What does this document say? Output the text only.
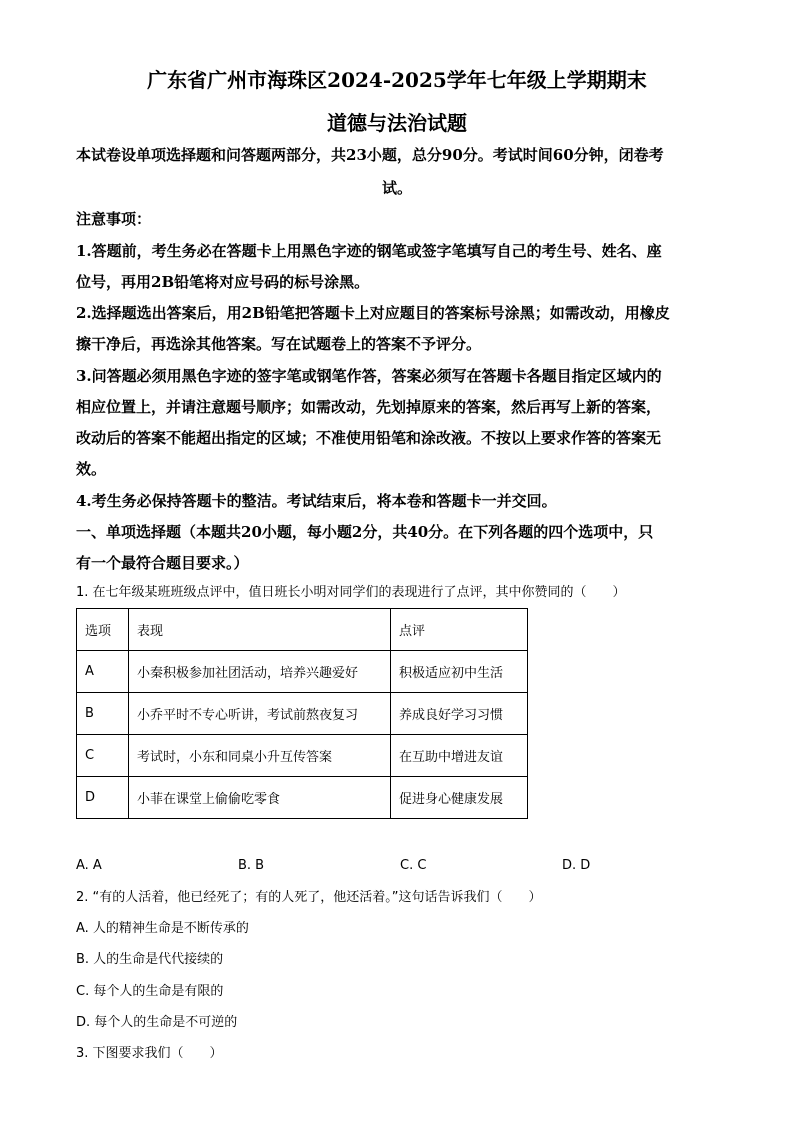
广东省广州市海珠区2024-2025学年七年级上学期期末
道德与法治试题
本试卷设单项选择题和问答题两部分，共23小题，总分90分。考试时间60分钟，闭卷考
试。
注意事项：
1.答题前，考生务必在答题卡上用黑色字迹的钢笔或签字笔填写自己的考生号、姓名、座
位号，再用2B铅笔将对应号码的标号涂黑。
2.选择题选出答案后，用2B铅笔把答题卡上对应题目的答案标号涂黑；如需改动，用橡皮
擦干净后，再选涂其他答案。写在试题卷上的答案不予评分。
3.问答题必须用黑色字迹的签字笔或钢笔作答，答案必须写在答题卡各题目指定区域内的
相应位置上，并请注意题号顺序；如需改动，先划掉原来的答案，然后再写上新的答案，
改动后的答案不能超出指定的区域；不准使用铅笔和涂改液。不按以上要求作答的答案无
效。
4.考生务必保持答题卡的整洁。考试结束后，将本卷和答题卡一并交回。
一、单项选择题（本题共20小题，每小题2分，共40分。在下列各题的四个选项中，只
有一个最符合题目要求。）
1. 在七年级某班班级点评中，值日班长小明对同学们的表现进行了点评，其中你赞同的（　　）
选项	表现	点评
A	小秦积极参加社团活动，培养兴趣爱好	积极适应初中生活
B	小乔平时不专心听讲，考试前熬夜复习	养成良好学习习惯
C	考试时，小东和同桌小升互传答案	在互助中增进友谊
D	小菲在课堂上偷偷吃零食	促进身心健康发展
A. A	B. B	C. C	D. D
2. “有的人活着，他已经死了；有的人死了，他还活着。”这句话告诉我们（　　）
A. 人的精神生命是不断传承的
B. 人的生命是代代接续的
C. 每个人的生命是有限的
D. 每个人的生命是不可逆的
3. 下图要求我们（　　）
